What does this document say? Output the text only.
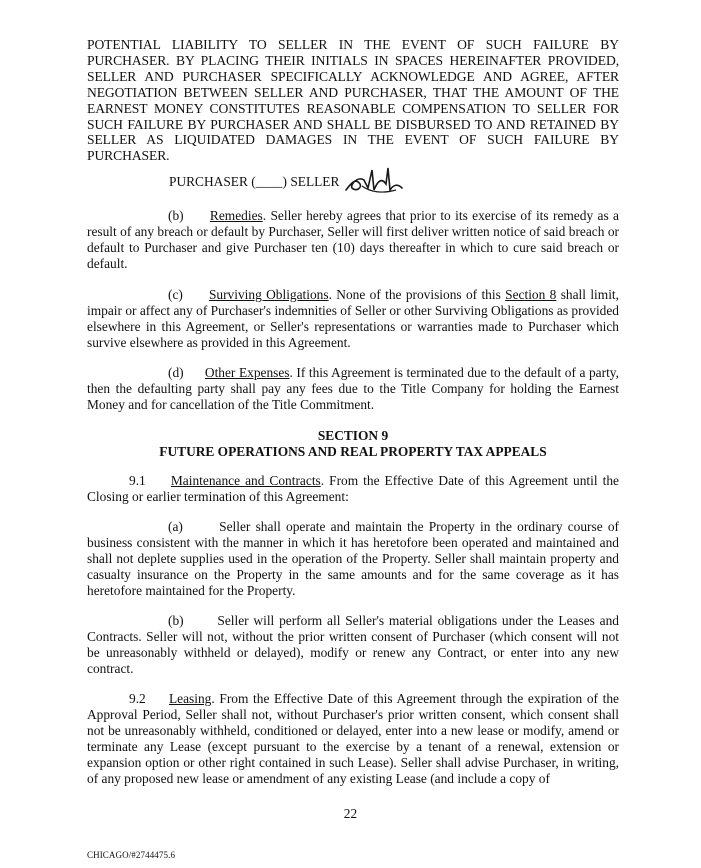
POTENTIAL LIABILITY TO SELLER IN THE EVENT OF SUCH FAILURE BY PURCHASER. BY PLACING THEIR INITIALS IN SPACES HEREINAFTER PROVIDED, SELLER AND PURCHASER SPECIFICALLY ACKNOWLEDGE AND AGREE, AFTER NEGOTIATION BETWEEN SELLER AND PURCHASER, THAT THE AMOUNT OF THE EARNEST MONEY CONSTITUTES REASONABLE COMPENSATION TO SELLER FOR SUCH FAILURE BY PURCHASER AND SHALL BE DISBURSED TO AND RETAINED BY SELLER AS LIQUIDATED DAMAGES IN THE EVENT OF SUCH FAILURE BY PURCHASER.
PURCHASER (____) SELLER
(b) Remedies. Seller hereby agrees that prior to its exercise of its remedy as a result of any breach or default by Purchaser, Seller will first deliver written notice of said breach or default to Purchaser and give Purchaser ten (10) days thereafter in which to cure said breach or default.
(c) Surviving Obligations. None of the provisions of this Section 8 shall limit, impair or affect any of Purchaser's indemnities of Seller or other Surviving Obligations as provided elsewhere in this Agreement, or Seller's representations or warranties made to Purchaser which survive elsewhere as provided in this Agreement.
(d) Other Expenses. If this Agreement is terminated due to the default of a party, then the defaulting party shall pay any fees due to the Title Company for holding the Earnest Money and for cancellation of the Title Commitment.
SECTION 9
FUTURE OPERATIONS AND REAL PROPERTY TAX APPEALS
9.1 Maintenance and Contracts. From the Effective Date of this Agreement until the Closing or earlier termination of this Agreement:
(a)	Seller shall operate and maintain the Property in the ordinary course of business consistent with the manner in which it has heretofore been operated and maintained and shall not deplete supplies used in the operation of the Property. Seller shall maintain property and casualty insurance on the Property in the same amounts and for the same coverage as it has heretofore maintained for the Property.
(b)	Seller will perform all Seller's material obligations under the Leases and Contracts. Seller will not, without the prior written consent of Purchaser (which consent will not be unreasonably withheld or delayed), modify or renew any Contract, or enter into any new contract.
9.2 Leasing. From the Effective Date of this Agreement through the expiration of the Approval Period, Seller shall not, without Purchaser's prior written consent, which consent shall not be unreasonably withheld, conditioned or delayed, enter into a new lease or modify, amend or terminate any Lease (except pursuant to the exercise by a tenant of a renewal, extension or expansion option or other right contained in such Lease). Seller shall advise Purchaser, in writing, of any proposed new lease or amendment of any existing Lease (and include a copy of
22
CHICAGO/#2744475.6
